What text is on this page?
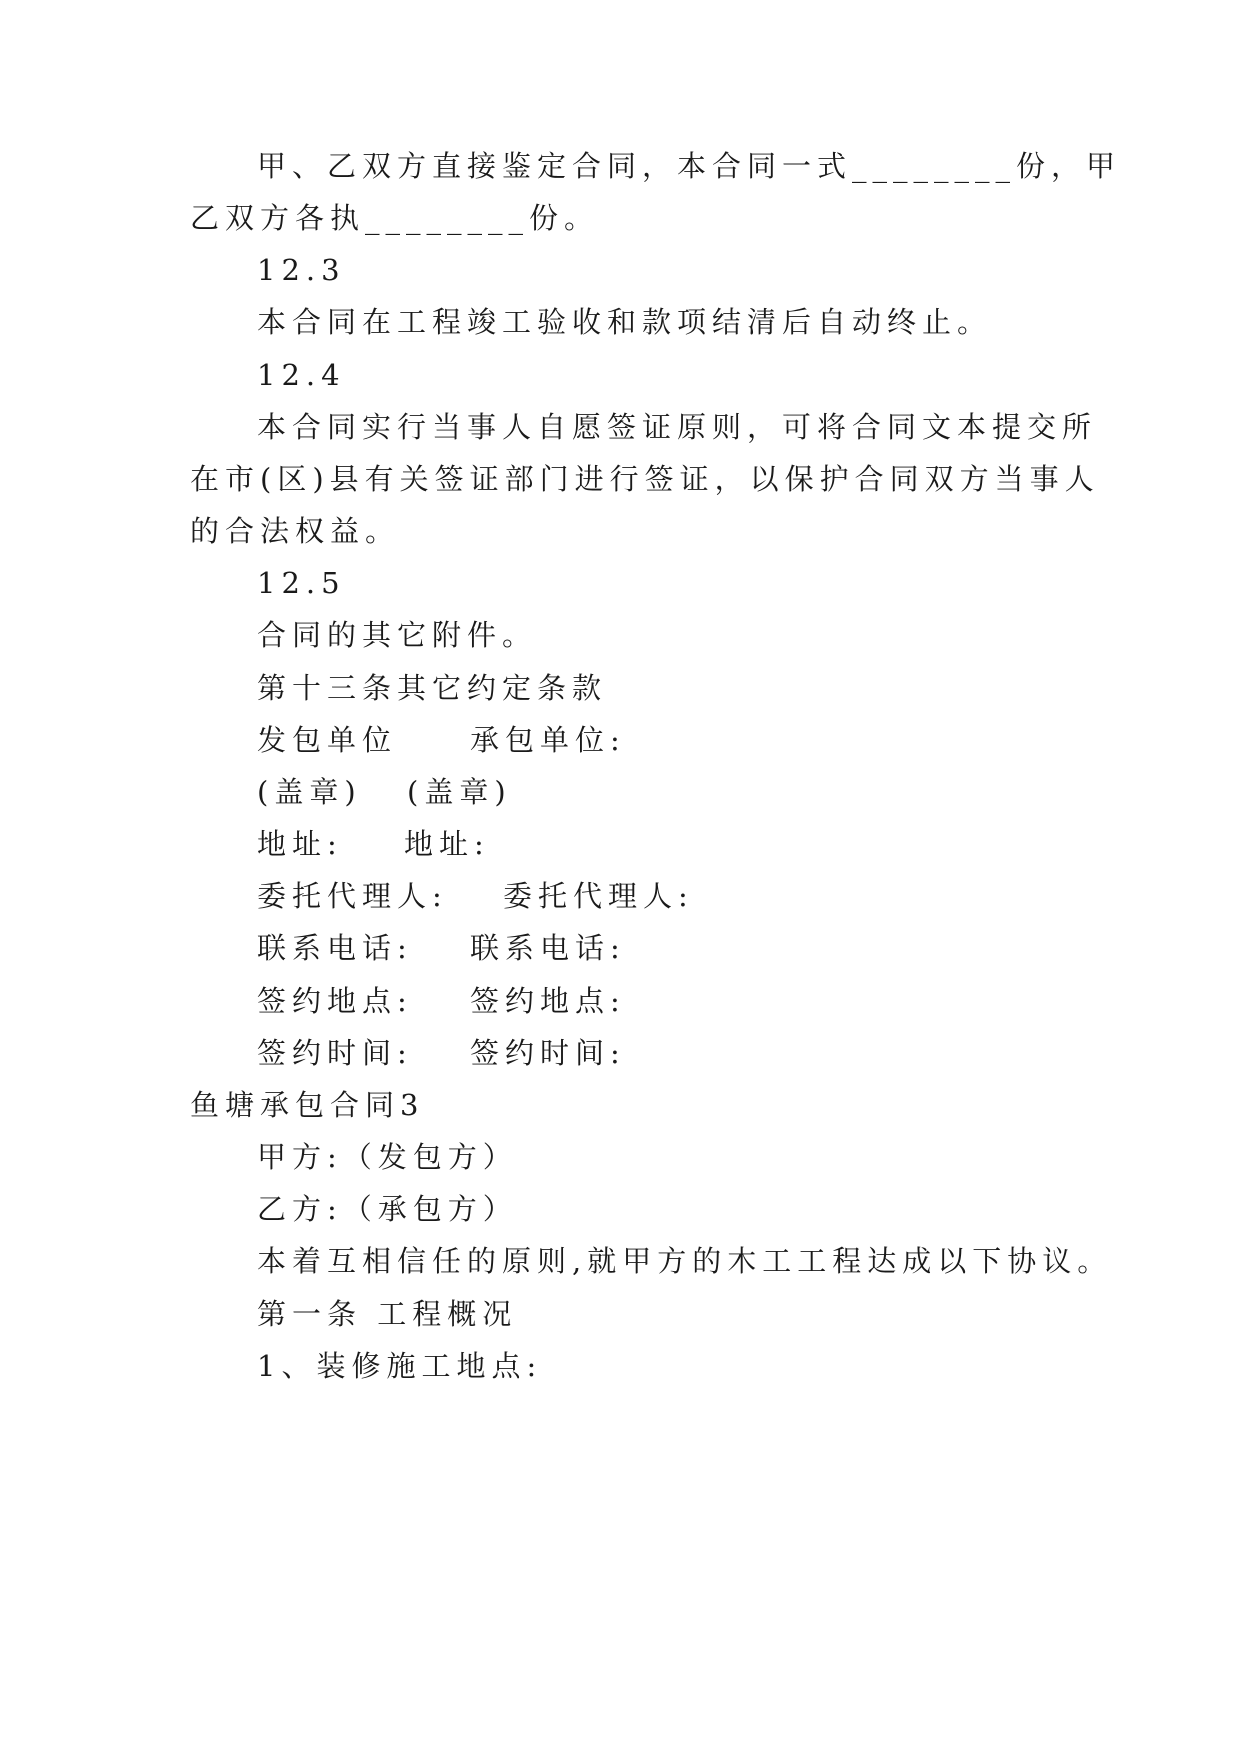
甲、乙双方直接鉴定合同，本合同一式________份，甲
乙双方各执________份。
12.3
本合同在工程竣工验收和款项结清后自动终止。
12.4
本合同实行当事人自愿签证原则，可将合同文本提交所
在市(区)县有关签证部门进行签证，以保护合同双方当事人
的合法权益。
12.5
合同的其它附件。
第十三条其它约定条款
发包单位	承包单位:
(盖章) (盖章)
地址: 地址:
委托代理人: 委托代理人:
联系电话: 联系电话:
签约地点: 签约地点:
签约时间: 签约时间:
鱼塘承包合同3
甲方:（发包方）
乙方:（承包方）
本着互相信任的原则,就甲方的木工工程达成以下协议。
第一条 工程概况
1、装修施工地点:
